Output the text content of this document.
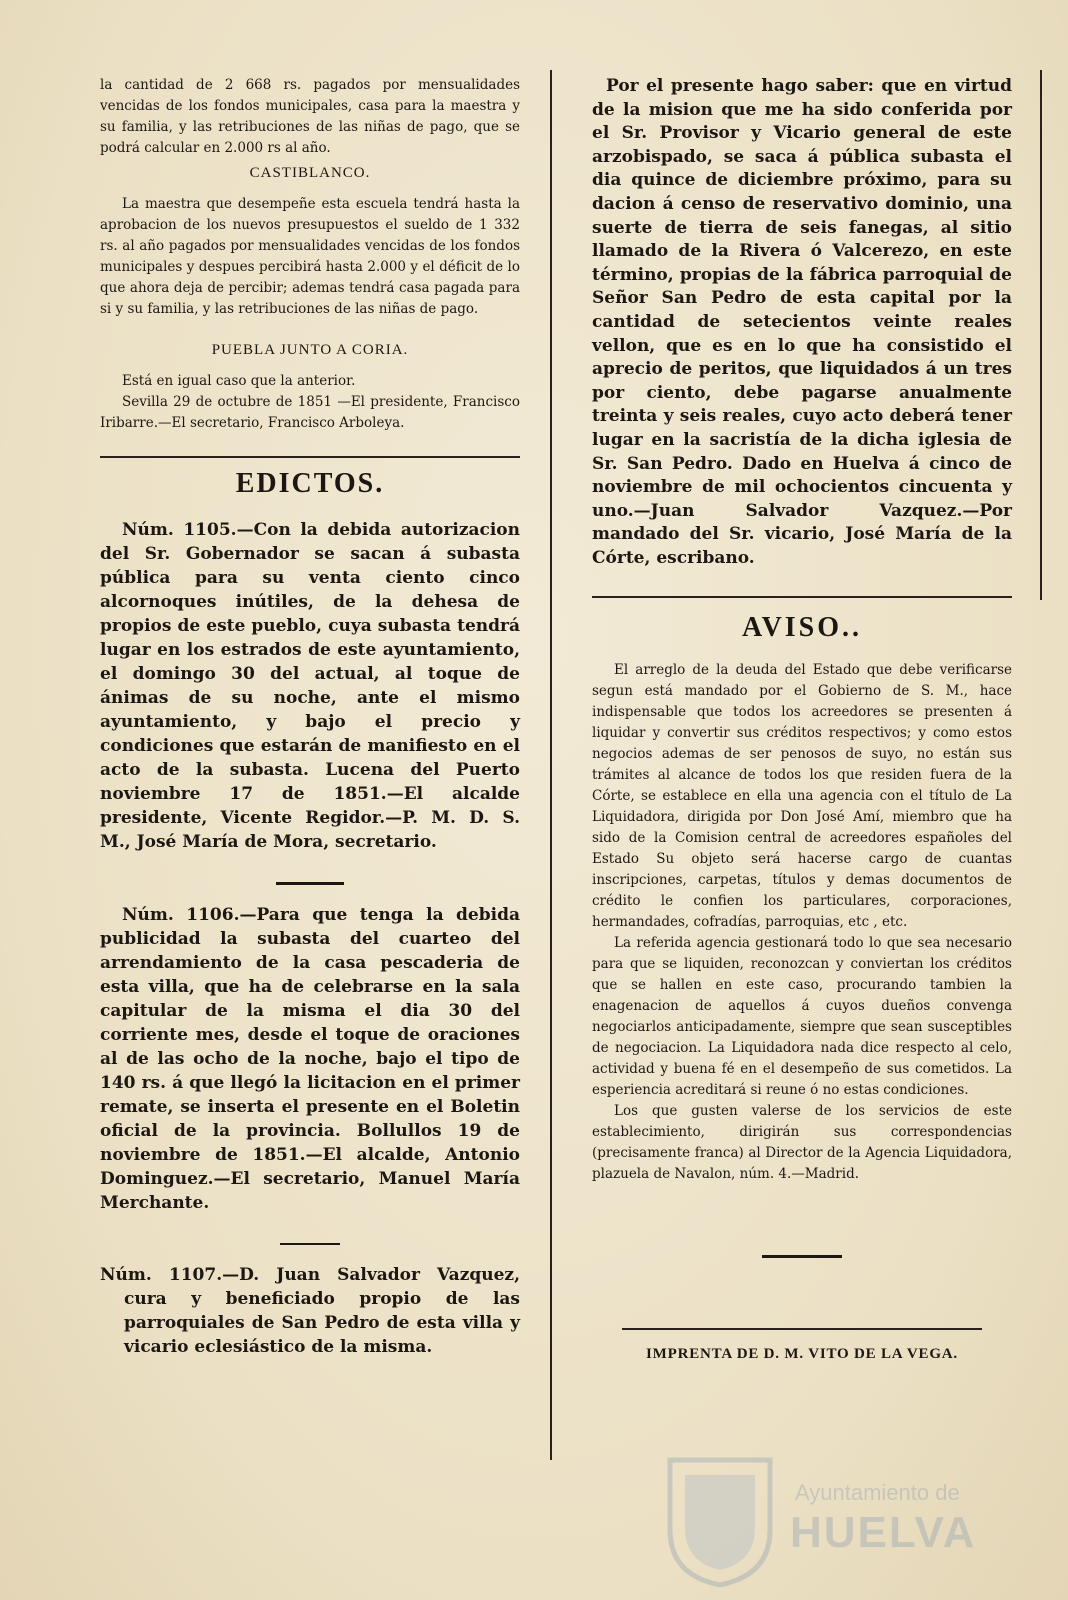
la cantidad de 2 668 rs. pagados por mensualidades vencidas de los fondos municipales, casa para la maestra y su familia, y las retribuciones de las niñas de pago, que se podrá calcular en 2.000 rs al año.

CASTIBLANCO.

La maestra que desempeñe esta escuela tendrá hasta la aprobacion de los nuevos presupuestos el sueldo de 1 332 rs. al año pagados por mensualidades vencidas de los fondos municipales y despues percibirá hasta 2.000 y el déficit de lo que ahora deja de percibir; ademas tendrá casa pagada para si y su familia, y las retribuciones de las niñas de pago.

PUEBLA JUNTO A CORIA.

Está en igual caso que la anterior.

Sevilla 29 de octubre de 1851 —El presidente, Francisco Iribarre.—El secretario, Francisco Arboleya.

EDICTOS.

Núm. 1105.—Con la debida autorizacion del Sr. Gobernador se sacan á subasta pública para su venta ciento cinco alcornoques inútiles, de la dehesa de propios de este pueblo, cuya subasta tendrá lugar en los estrados de este ayuntamiento, el domingo 30 del actual, al toque de ánimas de su noche, ante el mismo ayuntamiento, y bajo el precio y condiciones que estarán de manifiesto en el acto de la subasta. Lucena del Puerto noviembre 17 de 1851.—El alcalde presidente, Vicente Regidor.—P. M. D. S. M., José María de Mora, secretario.

Núm. 1106.—Para que tenga la debida publicidad la subasta del cuarteo del arrendamiento de la casa pescaderia de esta villa, que ha de celebrarse en la sala capitular de la misma el dia 30 del corriente mes, desde el toque de oraciones al de las ocho de la noche, bajo el tipo de 140 rs. á que llegó la licitacion en el primer remate, se inserta el presente en el Boletin oficial de la provincia. Bollullos 19 de noviembre de 1851.—El alcalde, Antonio Dominguez.—El secretario, Manuel María Merchante.

Núm. 1107.—D. Juan Salvador Vazquez, cura y beneficiado propio de las parroquiales de San Pedro de esta villa y vicario eclesiástico de la misma.

Por el presente hago saber: que en virtud de la mision que me ha sido conferida por el Sr. Provisor y Vicario general de este arzobispado, se saca á pública subasta el dia quince de diciembre próximo, para su dacion á censo de reservativo dominio, una suerte de tierra de seis fanegas, al sitio llamado de la Rivera ó Valcerezo, en este término, propias de la fábrica parroquial de Señor San Pedro de esta capital por la cantidad de setecientos veinte reales vellon, que es en lo que ha consistido el aprecio de peritos, que liquidados á un tres por ciento, debe pagarse anualmente treinta y seis reales, cuyo acto deberá tener lugar en la sacristía de la dicha iglesia de Sr. San Pedro. Dado en Huelva á cinco de noviembre de mil ochocientos cincuenta y uno.—Juan Salvador Vazquez.—Por mandado del Sr. vicario, José María de la Córte, escribano.

AVISO..

El arreglo de la deuda del Estado que debe verificarse segun está mandado por el Gobierno de S. M., hace indispensable que todos los acreedores se presenten á liquidar y convertir sus créditos respectivos; y como estos negocios ademas de ser penosos de suyo, no están sus trámites al alcance de todos los que residen fuera de la Córte, se establece en ella una agencia con el título de La Liquidadora, dirigida por Don José Amí, miembro que ha sido de la Comision central de acreedores españoles del Estado Su objeto será hacerse cargo de cuantas inscripciones, carpetas, títulos y demas documentos de crédito le confien los particulares, corporaciones, hermandades, cofradías, parroquias, etc , etc.

La referida agencia gestionará todo lo que sea necesario para que se liquiden, reconozcan y conviertan los créditos que se hallen en este caso, procurando tambien la enagenacion de aquellos á cuyos dueños convenga negociarlos anticipadamente, siempre que sean susceptibles de negociacion. La Liquidadora nada dice respecto al celo, actividad y buena fé en el desempeño de sus cometidos. La esperiencia acreditará si reune ó no estas condiciones.

Los que gusten valerse de los servicios de este establecimiento, dirigirán sus correspondencias (precisamente franca) al Director de la Agencia Liquidadora, plazuela de Navalon, núm. 4.—Madrid.

IMPRENTA DE D. M. VITO DE LA VEGA.
Ayuntamiento de
HUELVA
